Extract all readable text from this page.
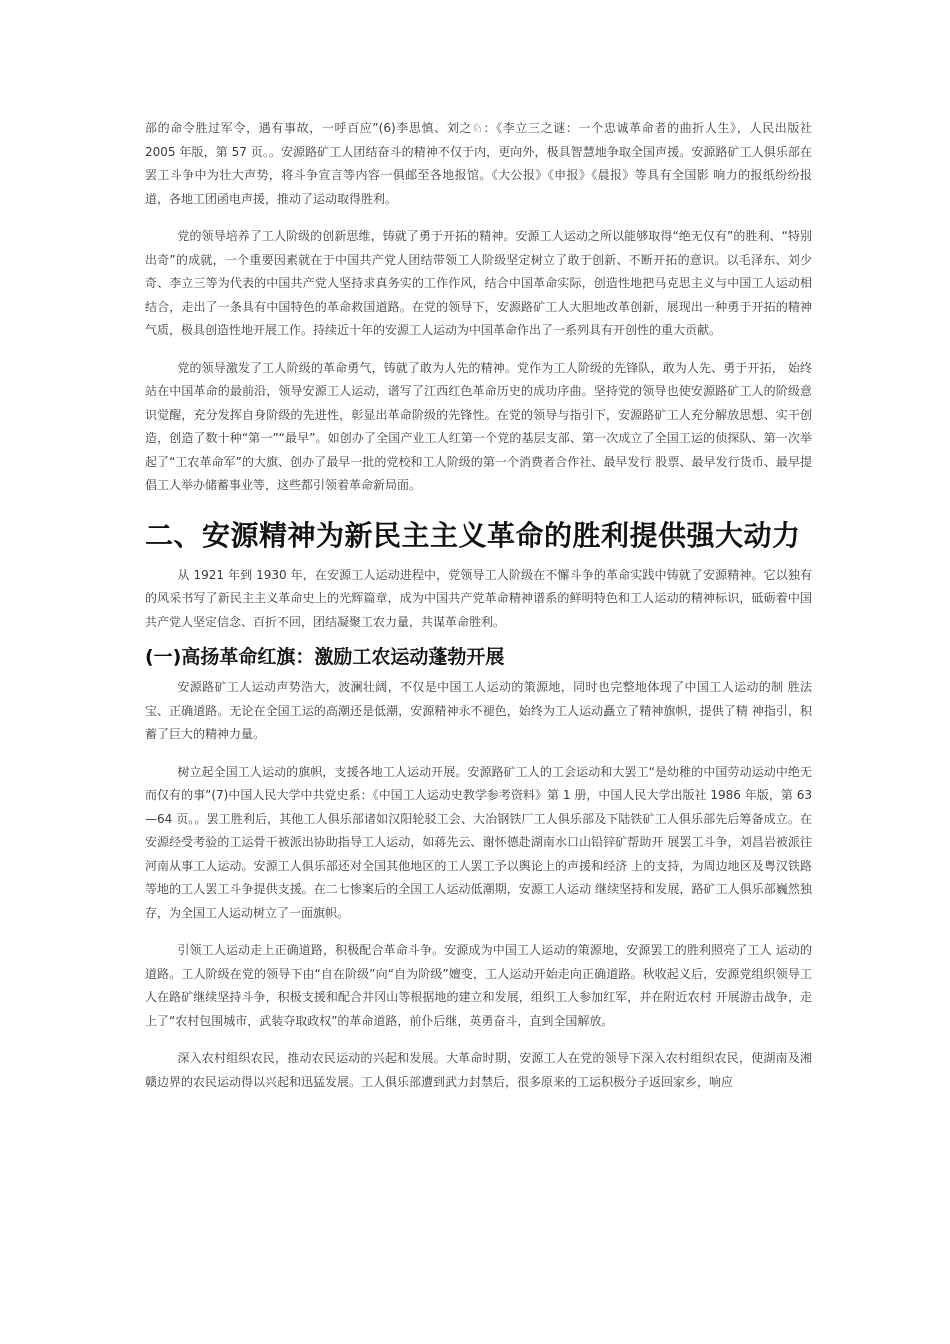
部的命令胜过军令，遇有事故，一呼百应”(6)李思慎、刘之♘：《李立三之谜：一个忠诚革命者的曲折人生》，人民出版社 2005 年版，第 57 页。。安源路矿工人团结奋斗的精神不仅于内，更向外，极具智慧地争取全国声援。安源路矿工人俱乐部在罢工斗争中为壮大声势，将斗争宣言等内容一俱邮至各地报馆。《大公报》《申报》《晨报》等具有全国影 响力的报纸纷纷报道，各地工团函电声援，推动了运动取得胜利。

党的领导培养了工人阶级的创新思维，铸就了勇于开拓的精神。安源工人运动之所以能够取得“绝无仅有”的胜利、“特别出奇”的成就，一个重要因素就在于中国共产党人团结带领工人阶级坚定树立了敢于创新、不断开拓的意识。以毛泽东、刘少奇、李立三等为代表的中国共产党人坚持求真务实的工作作风，结合中国革命实际，创造性地把马克思主义与中国工人运动相结合，走出了一条具有中国特色的革命救国道路。在党的领导下，安源路矿工人大胆地改革创新，展现出一种勇于开拓的精神气质，极具创造性地开展工作。持续近十年的安源工人运动为中国革命作出了一系列具有开创性的重大贡献。

党的领导激发了工人阶级的革命勇气，铸就了敢为人先的精神。党作为工人阶级的先锋队，敢为人先、勇于开拓， 始终站在中国革命的最前沿，领导安源工人运动，谱写了江西红色革命历史的成功序曲。坚持党的领导也使安源路矿工人的阶级意识觉醒，充分发挥自身阶级的先进性，彰显出革命阶级的先锋性。在党的领导与指引下，安源路矿工人充分解放思想、实干创造，创造了数十种“第一”“最早”。如创办了全国产业工人红第一个党的基层支部、第一次成立了全国工运的侦探队、第一次举起了“工农革命军”的大旗、创办了最早一批的党校和工人阶级的第一个消费者合作社、最早发行 股票、最早发行货币、最早提倡工人举办储蓄事业等，这些都引领着革命新局面。

二、安源精神为新民主主义革命的胜利提供强大动力

从 1921 年到 1930 年，在安源工人运动进程中，党领导工人阶级在不懈斗争的革命实践中铸就了安源精神。它以独有的风采书写了新民主主义革命史上的光辉篇章，成为中国共产党革命精神谱系的鲜明特色和工人运动的精神标识，砥砺着中国共产党人坚定信念、百折不回，团结凝聚工农力量，共谋革命胜利。

(一)高扬革命红旗：激励工农运动蓬勃开展

安源路矿工人运动声势浩大，波澜壮阔，不仅是中国工人运动的策源地，同时也完整地体现了中国工人运动的制 胜法宝、正确道路。无论在全国工运的高潮还是低潮，安源精神永不褪色，始终为工人运动矗立了精神旗帜，提供了精 神指引，积蓄了巨大的精神力量。

树立起全国工人运动的旗帜，支援各地工人运动开展。安源路矿工人的工会运动和大罢工“是幼稚的中国劳动运动中绝无而仅有的事”(7)中国人民大学中共党史系：《中国工人运动史教学参考资料》第 1 册，中国人民大学出版社 1986 年版，第 63—64 页。。罢工胜利后，其他工人俱乐部诸如汉阳轮驳工会、大冶钢铁厂工人俱乐部及下陆铁矿工人俱乐部先后筹备成立。在安源经受考验的工运骨干被派出协助指导工人运动，如蒋先云、谢怀德赴湖南水口山铅锌矿帮助开 展罢工斗争，刘昌岩被派往河南从事工人运动。安源工人俱乐部还对全国其他地区的工人罢工予以舆论上的声援和经济 上的支持，为周边地区及粤汉铁路等地的工人罢工斗争提供支援。在二七惨案后的全国工人运动低潮期，安源工人运动 继续坚持和发展，路矿工人俱乐部巍然独存，为全国工人运动树立了一面旗帜。

引领工人运动走上正确道路，积极配合革命斗争。安源成为中国工人运动的策源地，安源罢工的胜利照亮了工人 运动的道路。工人阶级在党的领导下由“自在阶级”向“自为阶级”嬗变，工人运动开始走向正确道路。秋收起义后，安源党组织领导工人在路矿继续坚持斗争，积极支援和配合井冈山等根据地的建立和发展，组织工人参加红军，并在附近农村 开展游击战争，走上了“农村包围城市，武装夺取政权”的革命道路，前仆后继，英勇奋斗，直到全国解放。

深入农村组织农民，推动农民运动的兴起和发展。大革命时期，安源工人在党的领导下深入农村组织农民，使湖南及湘赣边界的农民运动得以兴起和迅猛发展。工人俱乐部遭到武力封禁后，很多原来的工运积极分子返回家乡，响应
